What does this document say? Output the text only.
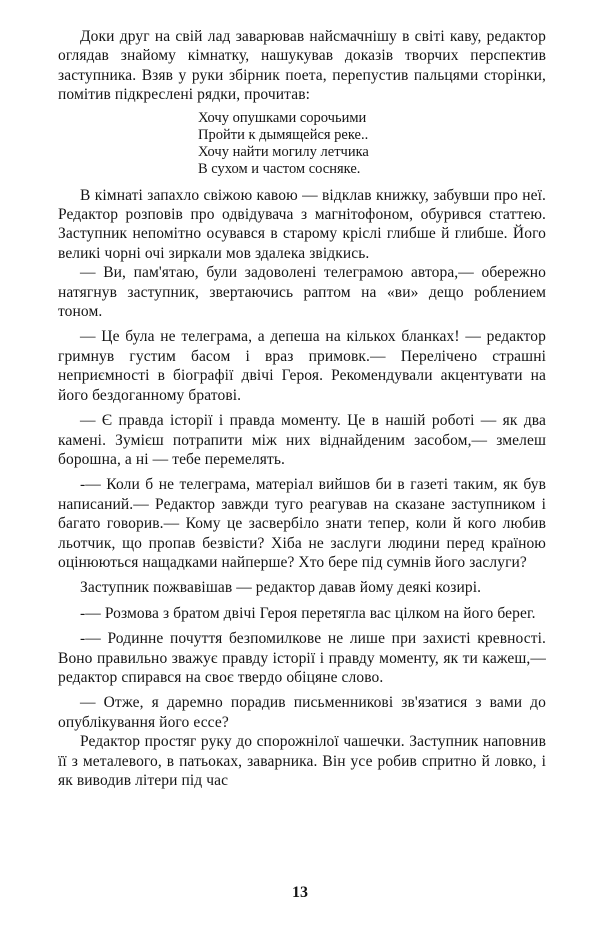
Доки друг на свій лад заварював найсмачнішу в світі каву, редактор оглядав знайому кімнатку, нашукував доказів творчих перспектив заступника. Взяв у руки збірник поета, перепустив пальцями сторінки, помітив підкреслені рядки, прочитав:

Хочу опушками сорочьими
Пройти к дымящейся реке..
Хочу найти могилу летчика
В сухом и частом сосняке.

В кімнаті запахло свіжою кавою — відклав книжку, забувши про неї. Редактор розповів про одвідувача з магнітофоном, обурився статтею. Заступник непомітно осувався в старому кріслі глибше й глибше. Його великі чорні очі зиркали мов здалека звідкись.

— Ви, пам'ятаю, були задоволені телеграмою автора,— обережно натягнув заступник, звертаючись раптом на «ви» дещо роблением тоном.

— Це була не телеграма, а депеша на кількох бланках! — редактор гримнув густим басом і враз примовк.— Перелічено страшні неприємності в біографії двічі Героя. Рекомендували акцентувати на його бездоганному братові.

— Є правда історії і правда моменту. Це в нашій роботі — як два камені. Зумієш потрапити між них віднайденим засобом,— змелеш борошна, а ні — тебе перемелять.

-— Коли б не телеграма, матеріал вийшов би в газеті таким, як був написаний.— Редактор завжди туго реагував на сказане заступником і багато говорив.— Кому це засвербіло знати тепер, коли й кого любив льотчик, що пропав безвісти? Хіба не заслуги людини перед країною оцінюються нащадками найперше? Хто бере під сумнів його заслуги?

Заступник пожвавішав — редактор давав йому деякі козирі.

-— Розмова з братом двічі Героя перетягла вас цілком на його берег.

-— Родинне почуття безпомилкове не лише при захисті кревності. Воно правильно зважує правду історії і правду моменту, як ти кажеш,— редактор спирався на своє твердо обіцяне слово.

— Отже, я даремно порадив письменникові зв'язатися з вами до опублікування його ессе?

Редактор простяг руку до спорожнілої чашечки. Заступник наповнив її з металевого, в патьоках, заварника. Він усе робив спритно й ловко, і як виводив літери під час

13
